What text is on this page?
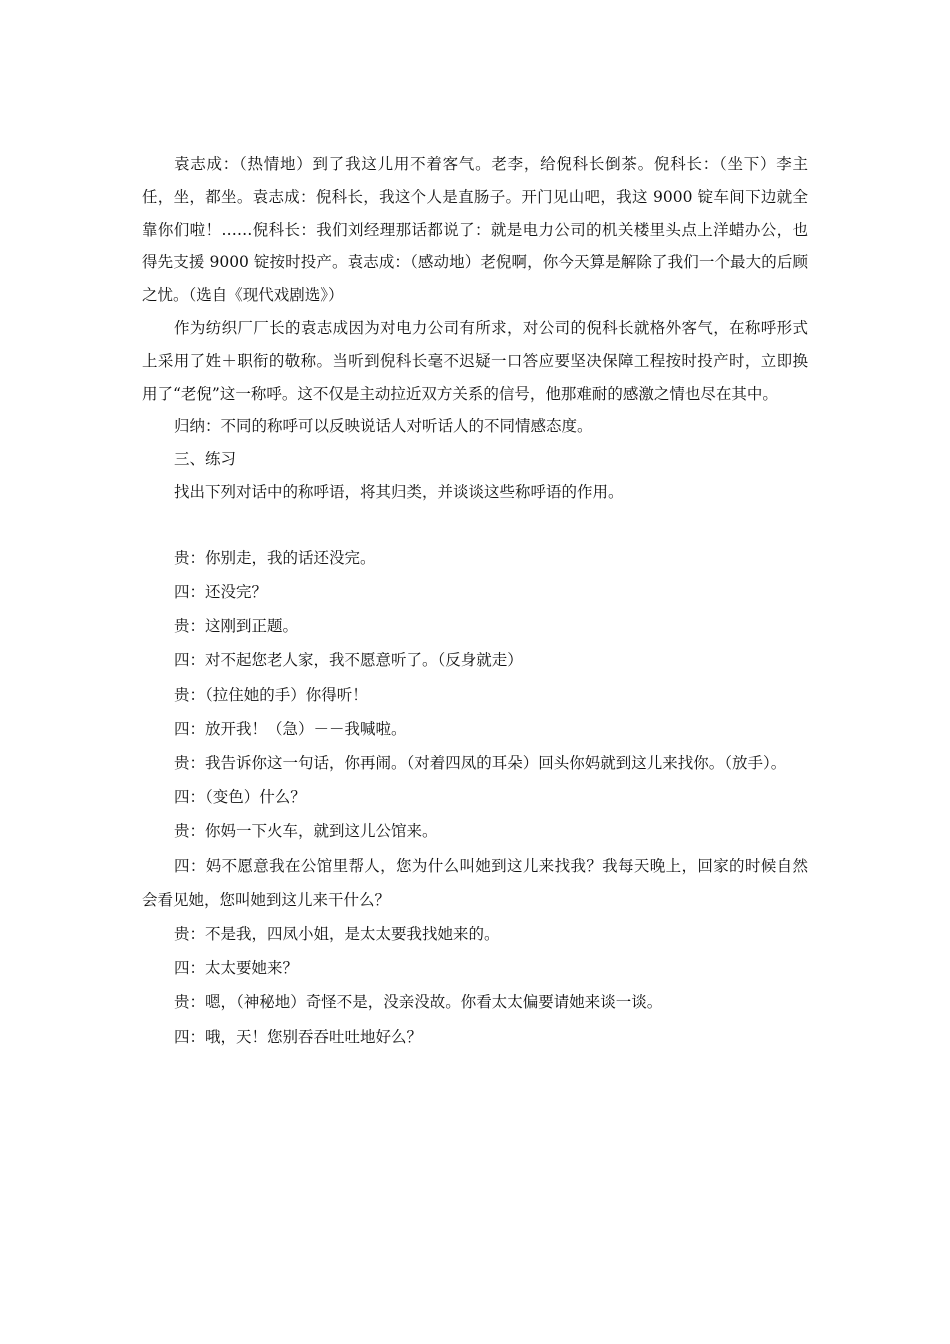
袁志成：（热情地）到了我这儿用不着客气。老李，给倪科长倒茶。倪科长：（坐下）李主任，坐，都坐。袁志成：倪科长，我这个人是直肠子。开门见山吧，我这 9000 锭车间下边就全靠你们啦！……倪科长：我们刘经理那话都说了：就是电力公司的机关楼里头点上洋蜡办公，也得先支援 9000 锭按时投产。袁志成：（感动地）老倪啊，你今天算是解除了我们一个最大的后顾之忧。（选自《现代戏剧选》）

作为纺织厂厂长的袁志成因为对电力公司有所求，对公司的倪科长就格外客气，在称呼形式上采用了姓＋职衔的敬称。当听到倪科长毫不迟疑一口答应要坚决保障工程按时投产时，立即换用了“老倪”这一称呼。这不仅是主动拉近双方关系的信号，他那难耐的感激之情也尽在其中。

归纳：不同的称呼可以反映说话人对听话人的不同情感态度。

三、练习

找出下列对话中的称呼语，将其归类，并谈谈这些称呼语的作用。

贵：你别走，我的话还没完。

四：还没完？

贵：这刚到正题。

四：对不起您老人家，我不愿意听了。（反身就走）

贵：（拉住她的手）你得听！

四：放开我！（急）－－我喊啦。

贵：我告诉你这一句话，你再闹。（对着四凤的耳朵）回头你妈就到这儿来找你。（放手）。

四：（变色）什么？

贵：你妈一下火车，就到这儿公馆来。

四：妈不愿意我在公馆里帮人，您为什么叫她到这儿来找我？我每天晚上，回家的时候自然会看见她，您叫她到这儿来干什么？

贵：不是我，四凤小姐，是太太要我找她来的。

四：太太要她来？

贵：嗯，（神秘地）奇怪不是，没亲没故。你看太太偏要请她来谈一谈。

四：哦，天！您别吞吞吐吐地好么？
